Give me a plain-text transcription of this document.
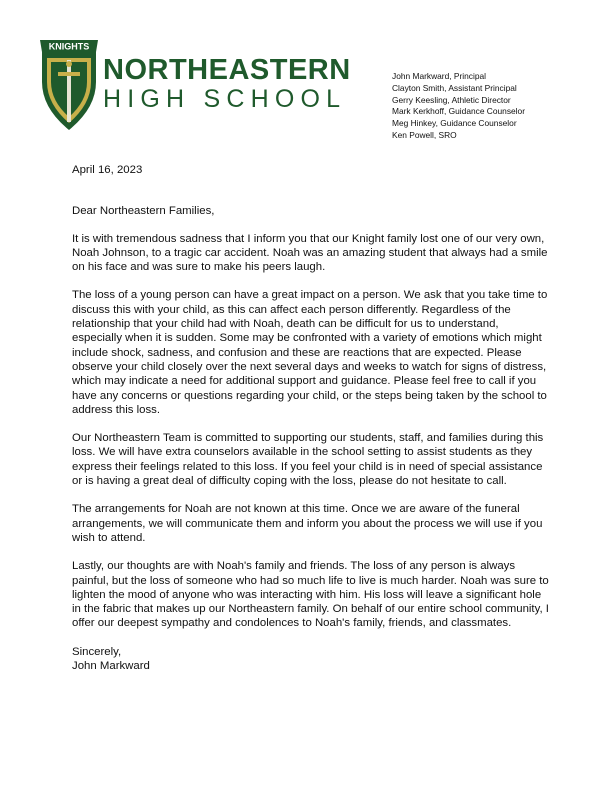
KNIGHTS
NORTHEASTERN
HIGH SCHOOL
John Markward, Principal
Clayton Smith, Assistant Principal
Gerry Keesling, Athletic Director
Mark Kerkhoff, Guidance Counselor
Meg Hinkey, Guidance Counselor
Ken Powell, SRO

April 16, 2023

Dear Northeastern Families,

It is with tremendous sadness that I inform you that our Knight family lost one of our very own, Noah Johnson, to a tragic car accident. Noah was an amazing student that always had a smile on his face and was sure to make his peers laugh.

The loss of a young person can have a great impact on a person. We ask that you take time to discuss this with your child, as this can affect each person differently. Regardless of the relationship that your child had with Noah, death can be difficult for us to understand, especially when it is sudden. Some may be confronted with a variety of emotions which might include shock, sadness, and confusion and these are reactions that are expected. Please observe your child closely over the next several days and weeks to watch for signs of distress, which may indicate a need for additional support and guidance. Please feel free to call if you have any concerns or questions regarding your child, or the steps being taken by the school to address this loss.

Our Northeastern Team is committed to supporting our students, staff, and families during this loss. We will have extra counselors available in the school setting to assist students as they express their feelings related to this loss. If you feel your child is in need of special assistance or is having a great deal of difficulty coping with the loss, please do not hesitate to call.

The arrangements for Noah are not known at this time. Once we are aware of the funeral arrangements, we will communicate them and inform you about the process we will use if you wish to attend.

Lastly, our thoughts are with Noah's family and friends. The loss of any person is always painful, but the loss of someone who had so much life to live is much harder. Noah was sure to lighten the mood of anyone who was interacting with him. His loss will leave a significant hole in the fabric that makes up our Northeastern family. On behalf of our entire school community, I offer our deepest sympathy and condolences to Noah's family, friends, and classmates.

Sincerely,

John Markward
